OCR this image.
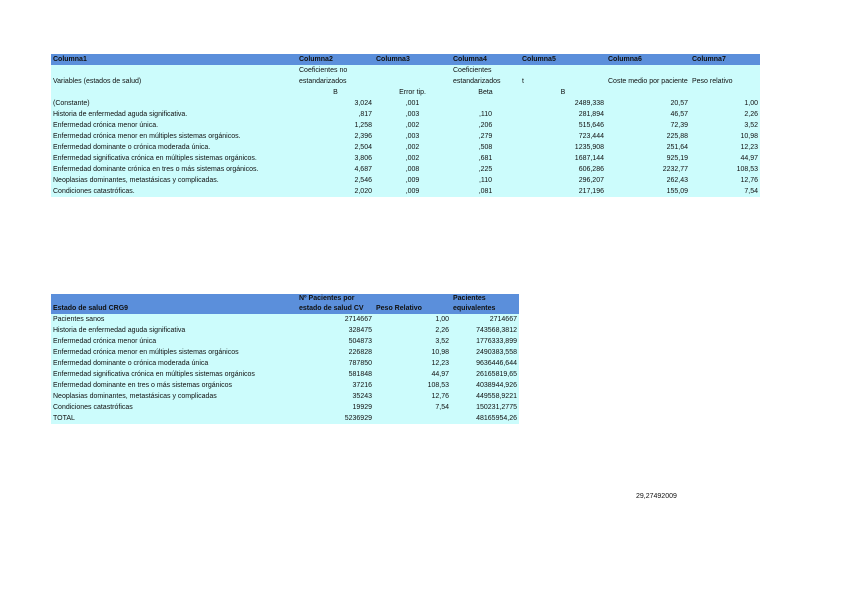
Columna1	Columna2	Columna3	Columna4	Columna5	Columna6	Columna7
Variables (estados de salud)	Coeficientes no estandarizados		Coeficientes estandarizados	t	Coste medio por paciente	Peso relativo
	B	Error tip.	Beta	B		
(Constante)	3,024	,001		2489,338	20,57	1,00
Historia de enfermedad aguda significativa.	,817	,003	,110	281,894	46,57	2,26
Enfermedad crónica menor única.	1,258	,002	,206	515,646	72,39	3,52
Enfermedad crónica menor en múltiples sistemas orgánicos.	2,396	,003	,279	723,444	225,88	10,98
Enfermedad dominante o crónica moderada única.	2,504	,002	,508	1235,908	251,64	12,23
Enfermedad significativa crónica en múltiples sistemas orgánicos.	3,806	,002	,681	1687,144	925,19	44,97
Enfermedad dominante crónica en tres o más sistemas orgánicos.	4,687	,008	,225	606,286	2232,77	108,53
Neoplasias dominantes, metastásicas y complicadas.	2,546	,009	,110	296,207	262,43	12,76
Condiciones catastróficas.	2,020	,009	,081	217,196	155,09	7,54
Estado de salud CRG9	Nº Pacientes por estado de salud CV	Peso Relativo	Pacientes equivalentes
Pacientes sanos	2714667	1,00	2714667
Historia de enfermedad aguda significativa	328475	2,26	743568,3812
Enfermedad crónica menor única	504873	3,52	1776333,899
Enfermedad crónica menor en múltiples sistemas orgánicos	226828	10,98	2490383,558
Enfermedad dominante o crónica moderada única	787850	12,23	9636446,644
Enfermedad significativa crónica en múltiples sistemas orgánicos	581848	44,97	26165819,65
Enfermedad dominante en tres o más sistemas orgánicos	37216	108,53	4038944,926
Neoplasias dominantes, metastásicas y complicadas	35243	12,76	449558,9221
Condiciones catastróficas	19929	7,54	150231,2775
TOTAL	5236929		48165954,26
29,27492009
